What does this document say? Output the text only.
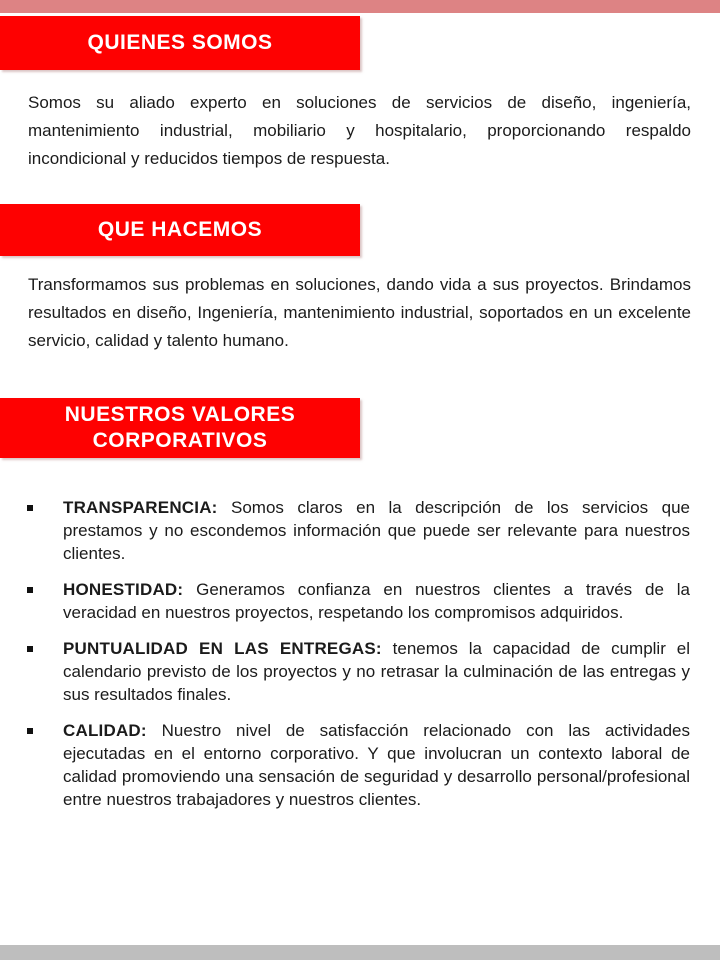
QUIENES SOMOS

Somos su aliado experto en soluciones de servicios de diseño, ingeniería, mantenimiento industrial, mobiliario y hospitalario, proporcionando respaldo incondicional y reducidos tiempos de respuesta.

QUE HACEMOS

Transformamos sus problemas en soluciones, dando vida a sus proyectos. Brindamos resultados en diseño, Ingeniería, mantenimiento industrial, soportados en un excelente servicio, calidad y talento humano.

NUESTROS VALORES CORPORATIVOS

TRANSPARENCIA: Somos claros en la descripción de los servicios que prestamos y no escondemos información que puede ser relevante para nuestros clientes.

HONESTIDAD: Generamos confianza en nuestros clientes a través de la veracidad en nuestros proyectos, respetando los compromisos adquiridos.

PUNTUALIDAD EN LAS ENTREGAS: tenemos la capacidad de cumplir el calendario previsto de los proyectos y no retrasar la culminación de las entregas y sus resultados finales.

CALIDAD: Nuestro nivel de satisfacción relacionado con las actividades ejecutadas en el entorno corporativo. Y que involucran un contexto laboral de calidad promoviendo una sensación de seguridad y desarrollo personal/profesional entre nuestros trabajadores y nuestros clientes.
